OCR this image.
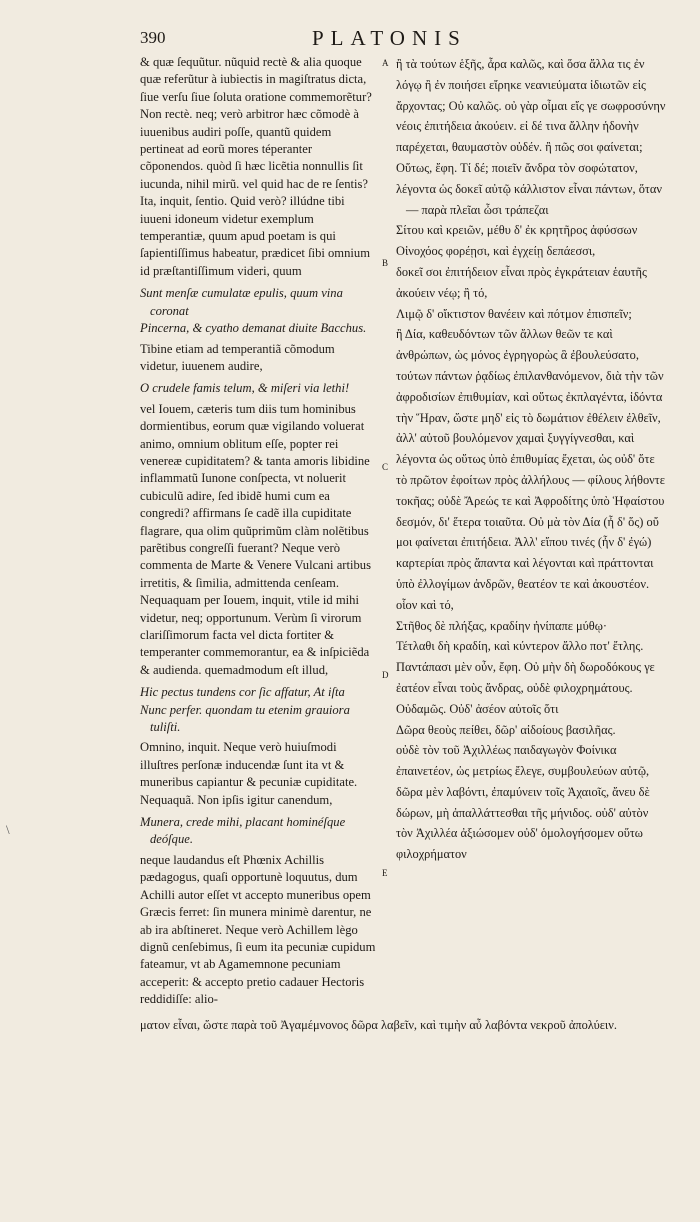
390	PLATONIS

& quæ ſequũtur. nũquid rectè & alia quoque quæ referũtur à iubiectis in magiſtratus dicta, ſiue verſu ſiue ſoluta oratione commemorẽtur? Non rectè. neq; verò arbitror hæc cõmodè à iuuenibus audiri poſſe, quantũ quidem pertineat ad eorũ mores téperanter cõponendos. quòd ſi hæc licẽtia nonnullis ſit iucunda, nihil mirũ. vel quid hac de re ſentis? Ita, inquit, ſentio. Quid verò? illúdne tibi iuueni idoneum videtur exemplum temperantiæ, quum apud poetam is qui ſapientiſſimus habeatur, prædicet ſibi omnium id præſtantiſſimum videri, quum

Sunt menſæ cumulatæ epulis, quum vina coronat

Pincerna, & cyatho demanat diuite Bacchus.

Tibine etiam ad temperantiã cõmodum videtur, iuuenem audire,

O crudele famis telum, & miſeri via lethi!

vel Iouem, cæteris tum diis tum hominibus dormientibus, eorum quæ vigilando voluerat animo, omnium oblitum eſſe, popter rei venereæ cupiditatem? & tanta amoris libidine inflammatũ Iunone conſpecta, vt noluerit cubiculũ adire, ſed ibidẽ humi cum ea congredi? affirmans ſe cadẽ illa cupiditate flagrare, qua olim quũprimũm clàm nolẽtibus parẽtibus congreſſi fuerant? Neque verò commenta de Marte & Venere Vulcani artibus irretitis, & ſimilia, admittenda cenſeam. Nequaquam per Iouem, inquit, vtile id mihi videtur, neq; opportunum. Verùm ſi virorum clariſſimorum facta vel dicta fortiter & temperanter commemorantur, ea & inſpiciẽda & audienda. quemadmodum eſt illud,

Hic pectus tundens cor ſic affatur, At iſta

Nunc perfer. quondam tu etenim grauiora tuliſti.

Omnino, inquit. Neque verò huiuſmodi illuſtres perſonæ inducendæ ſunt ita vt & muneribus capiantur & pecuniæ cupiditate. Nequaquã. Non ipſis igitur canendum,

Munera, crede mihi, placant hominéſque deóſque.

neque laudandus eſt Phœnix Achillis pædagogus, quaſi opportunè loquutus, dum Achilli autor eſſet vt accepto muneribus opem Græcis ferret: ſin munera minimè darentur, ne ab ira abſtineret. Neque verò Achillem lègo dignũ cenſebimus, ſi eum ita pecuniæ cupidum fateamur, vt ab Agamemnone pecuniam acceperit: & accepto pretio cadauer Hectoris reddidiſſe: alio-

A
B
C
D
E

ἢ τὰ τούτων ἑξῆς, ἆρα καλῶς, καὶ ὅσα ἄλλα τις ἐν λόγῳ ἢ ἐν ποιήσει εἴρηκε νεανιεύματα ἰδιωτῶν εἰς ἄρχοντας; Οὐ καλῶς. οὐ γὰρ οἶμαι εἴς γε σωφροσύνην νέοις ἐπιτήδεια ἀκούειν. εἰ δέ τινα ἄλλην ἡδονὴν παρέχεται, θαυμαστὸν οὐδέν. ἢ πῶς σοι φαίνεται; Οὕτως, ἔφη. Τί δέ; ποιεῖν ἄνδρα τὸν σοφώτατον, λέγοντα ὡς δοκεῖ αὐτῷ κάλλιστον εἶναι πάντων, ὅταν

— παρὰ πλεῖαι ὦσι τράπεζαι

Σίτου καὶ κρειῶν, μέθυ δ' ἐκ κρητῆρος ἀφύσσων

Οἰνοχόος φορέῃσι, καὶ ἐγχείῃ δεπάεσσι,

δοκεῖ σοι ἐπιτήδειον εἶναι πρὸς ἐγκράτειαν ἑαυτῆς ἀκούειν νέῳ; ἢ τό,

Λιμῷ δ' οἴκτιστον θανέειν καὶ πότμον ἐπισπεῖν;

ἢ Δία, καθευδόντων τῶν ἄλλων θεῶν τε καὶ ἀνθρώπων, ὡς μόνος ἐγρηγορὼς ἃ ἐβουλεύσατο, τούτων πάντων ῥᾳδίως ἐπιλανθανόμενον, διὰ τὴν τῶν ἀφροδισίων ἐπιθυμίαν, καὶ οὕτως ἐκπλαγέντα, ἰδόντα τὴν Ἥραν, ὥστε μηδ' εἰς τὸ δωμάτιον ἐθέλειν ἐλθεῖν, ἀλλ' αὐτοῦ βουλόμενον χαμαὶ ξυγγίγνεσθαι, καὶ λέγοντα ὡς οὕτως ὑπὸ ἐπιθυμίας ἔχεται, ὡς οὐδ' ὅτε τὸ πρῶτον ἐφοίτων πρὸς ἀλλήλους — φίλους λήθοντε τοκῆας; οὐδὲ Ἄρεώς τε καὶ Ἀφροδίτης ὑπὸ Ἡφαίστου δεσμόν, δι' ἕτερα τοιαῦτα. Οὐ μὰ τὸν Δία (ἦ δ' ὅς) οὔ μοι φαίνεται ἐπιτήδεια. Ἀλλ' εἴπου τινές (ἦν δ' ἐγώ) καρτερίαι πρὸς ἅπαντα καὶ λέγονται καὶ πράττονται ὑπὸ ἐλλογίμων ἀνδρῶν, θεατέον τε καὶ ἀκουστέον. οἷον καὶ τό,

Στῆθος δὲ πλήξας, κραδίην ἠνίπαπε μύθῳ·

Τέτλαθι δὴ κραδίη, καὶ κύντερον ἄλλο ποτ' ἔτλης.

Παντάπασι μὲν οὖν, ἔφη. Οὐ μὴν δὴ δωροδόκους γε ἐατέον εἶναι τοὺς ἄνδρας, οὐδὲ φιλοχρημάτους. Οὐδαμῶς. Οὐδ' ἀσέον αὐτοῖς ὅτι

Δῶρα θεοὺς πείθει, δῶρ' αἰδοίους βασιλῆας.

οὐδὲ τὸν τοῦ Ἀχιλλέως παιδαγωγὸν Φοίνικα ἐπαινετέον, ὡς μετρίως ἔλεγε, συμβουλεύων αὐτῷ, δῶρα μὲν λαβόντι, ἐπαμύνειν τοῖς Ἀχαιοῖς, ἄνευ δὲ δώρων, μὴ ἀπαλλάττεσθαι τῆς μήνιδος. οὐδ' αὐτὸν τὸν Ἀχιλλέα ἀξιώσομεν οὐδ' ὁμολογήσομεν οὕτω φιλοχρήματον

ματον εἶναι, ὥστε παρὰ τοῦ Ἀγαμέμνονος δῶρα λαβεῖν, καὶ τιμὴν αὖ λαβόντα νεκροῦ ἀπολύειν.
\
